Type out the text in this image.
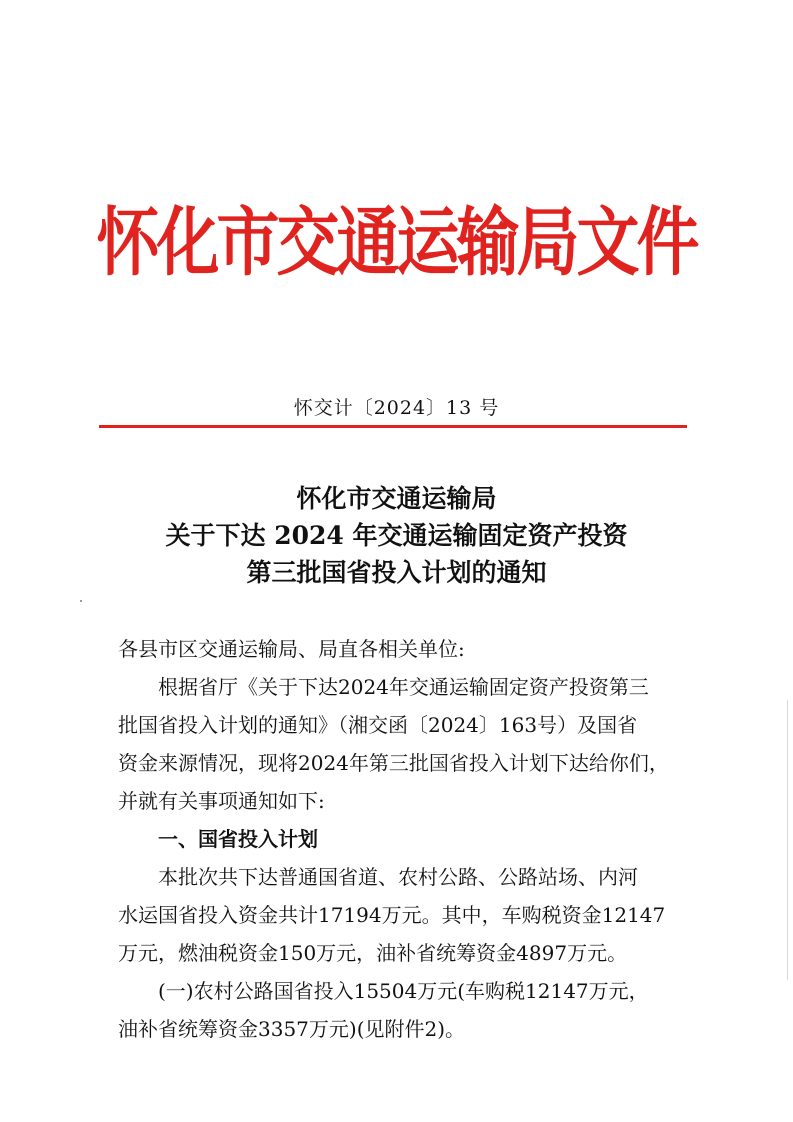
怀化市交通运输局文件
怀交计〔2024〕13 号
怀化市交通运输局
关于下达 2024 年交通运输固定资产投资
第三批国省投入计划的通知

各县市区交通运输局、局直各相关单位:

根据省厅《关于下达2024年交通运输固定资产投资第三

批国省投入计划的通知》（湘交函〔2024〕163号）及国省

资金来源情况，现将2024年第三批国省投入计划下达给你们，

并就有关事项通知如下:

一、国省投入计划

本批次共下达普通国省道、农村公路、公路站场、内河

水运国省投入资金共计17194万元。其中，车购税资金12147

万元，燃油税资金150万元，油补省统筹资金4897万元。

(一)农村公路国省投入15504万元(车购税12147万元，

油补省统筹资金3357万元)(见附件2)。
